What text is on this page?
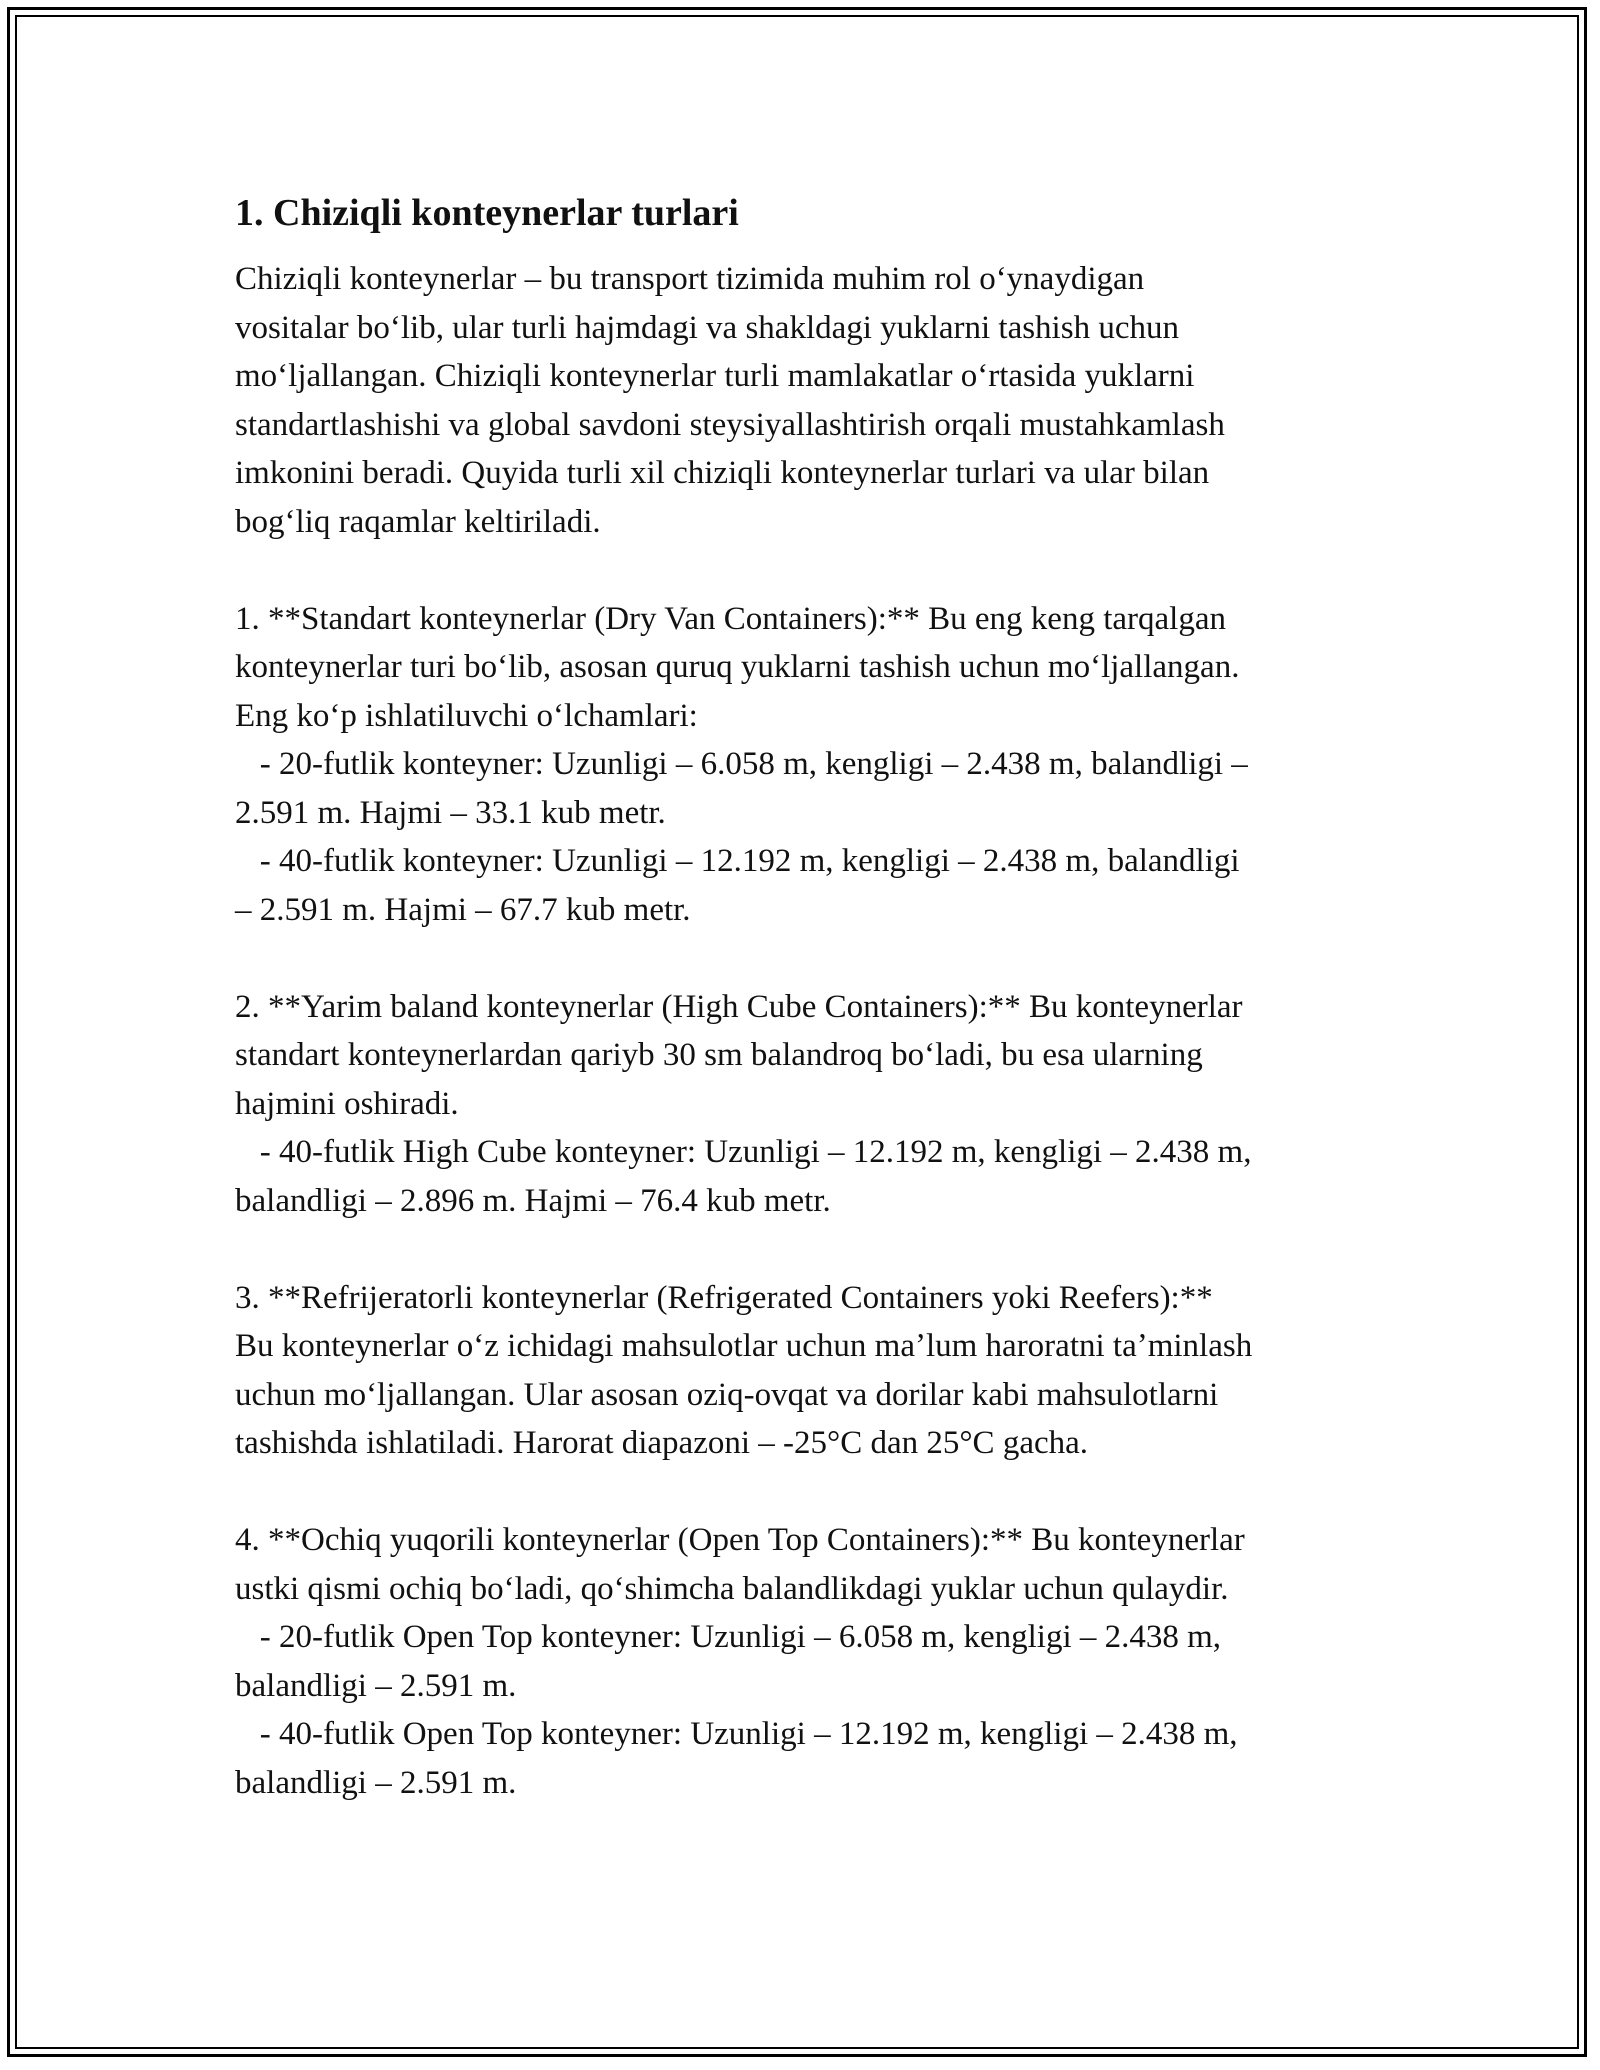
1. Chiziqli konteynerlar turlari
Chiziqli konteynerlar – bu transport tizimida muhim rol oʻynaydigan
vositalar boʻlib, ular turli hajmdagi va shakldagi yuklarni tashish uchun
moʻljallangan. Chiziqli konteynerlar turli mamlakatlar oʻrtasida yuklarni
standartlashishi va global savdoni steysiyallashtirish orqali mustahkamlash
imkonini beradi. Quyida turli xil chiziqli konteynerlar turlari va ular bilan
bogʻliq raqamlar keltiriladi.
1. **Standart konteynerlar (Dry Van Containers):** Bu eng keng tarqalgan
konteynerlar turi boʻlib, asosan quruq yuklarni tashish uchun moʻljallangan.
Eng koʻp ishlatiluvchi oʻlchamlari:
- 20-futlik konteyner: Uzunligi – 6.058 m, kengligi – 2.438 m, balandligi –
2.591 m. Hajmi – 33.1 kub metr.
- 40-futlik konteyner: Uzunligi – 12.192 m, kengligi – 2.438 m, balandligi
– 2.591 m. Hajmi – 67.7 kub metr.
2. **Yarim baland konteynerlar (High Cube Containers):** Bu konteynerlar
standart konteynerlardan qariyb 30 sm balandroq boʻladi, bu esa ularning
hajmini oshiradi.
- 40-futlik High Cube konteyner: Uzunligi – 12.192 m, kengligi – 2.438 m,
balandligi – 2.896 m. Hajmi – 76.4 kub metr.
3. **Refrijeratorli konteynerlar (Refrigerated Containers yoki Reefers):**
Bu konteynerlar oʻz ichidagi mahsulotlar uchun maʼlum haroratni taʼminlash
uchun moʻljallangan. Ular asosan oziq-ovqat va dorilar kabi mahsulotlarni
tashishda ishlatiladi. Harorat diapazoni – -25°C dan 25°C gacha.
4. **Ochiq yuqorili konteynerlar (Open Top Containers):** Bu konteynerlar
ustki qismi ochiq boʻladi, qoʻshimcha balandlikdagi yuklar uchun qulaydir.
- 20-futlik Open Top konteyner: Uzunligi – 6.058 m, kengligi – 2.438 m,
balandligi – 2.591 m.
- 40-futlik Open Top konteyner: Uzunligi – 12.192 m, kengligi – 2.438 m,
balandligi – 2.591 m.
